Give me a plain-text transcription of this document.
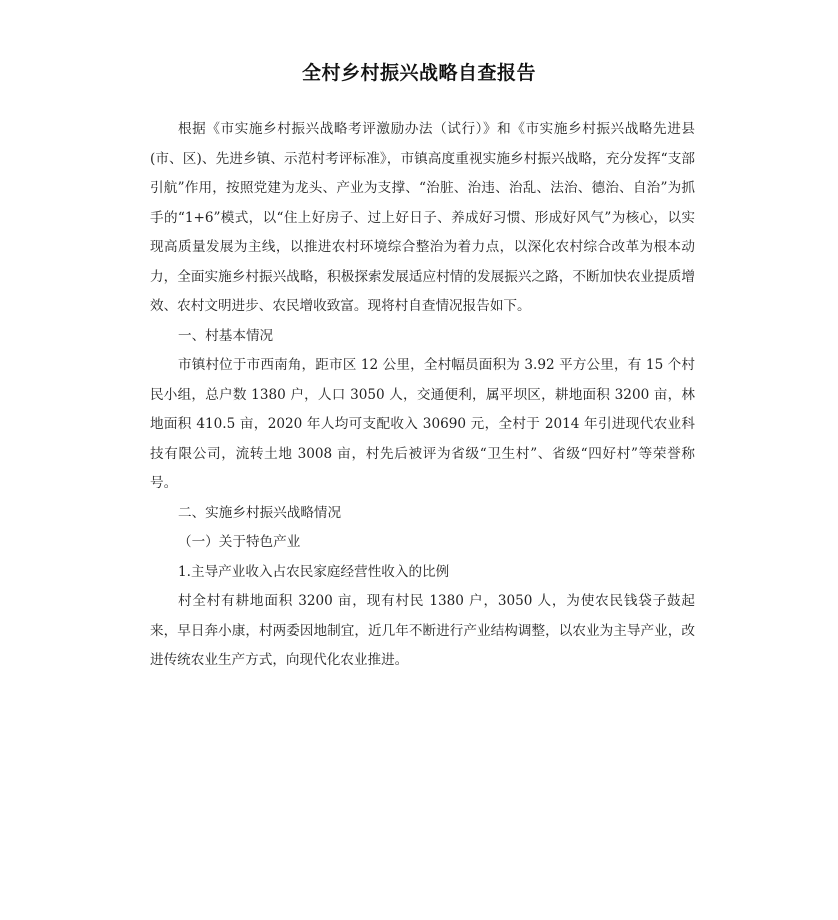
全村乡村振兴战略自查报告

根据《市实施乡村振兴战略考评激励办法（试行）》和《市实施乡村振兴战略先进县(市、区)、先进乡镇、示范村考评标准》，市镇高度重视实施乡村振兴战略，充分发挥“支部引航”作用，按照党建为龙头、产业为支撑、“治脏、治违、治乱、法治、德治、自治”为抓手的“1+6”模式，以“住上好房子、过上好日子、养成好习惯、形成好风气”为核心，以实现高质量发展为主线，以推进农村环境综合整治为着力点，以深化农村综合改革为根本动力，全面实施乡村振兴战略，积极探索发展适应村情的发展振兴之路，不断加快农业提质增效、农村文明进步、农民增收致富。现将村自查情况报告如下。

一、村基本情况

市镇村位于市西南角，距市区 12 公里，全村幅员面积为 3.92 平方公里，有 15 个村民小组，总户数 1380 户，人口 3050 人，交通便利，属平坝区，耕地面积 3200 亩，林地面积 410.5 亩，2020 年人均可支配收入 30690 元，全村于 2014 年引进现代农业科技有限公司，流转土地 3008 亩，村先后被评为省级“卫生村”、省级“四好村”等荣誉称号。

二、实施乡村振兴战略情况

（一）关于特色产业

1.主导产业收入占农民家庭经营性收入的比例

村全村有耕地面积 3200 亩，现有村民 1380 户，3050 人，为使农民钱袋子鼓起来，早日奔小康，村两委因地制宜，近几年不断进行产业结构调整，以农业为主导产业，改进传统农业生产方式，向现代化农业推进。
